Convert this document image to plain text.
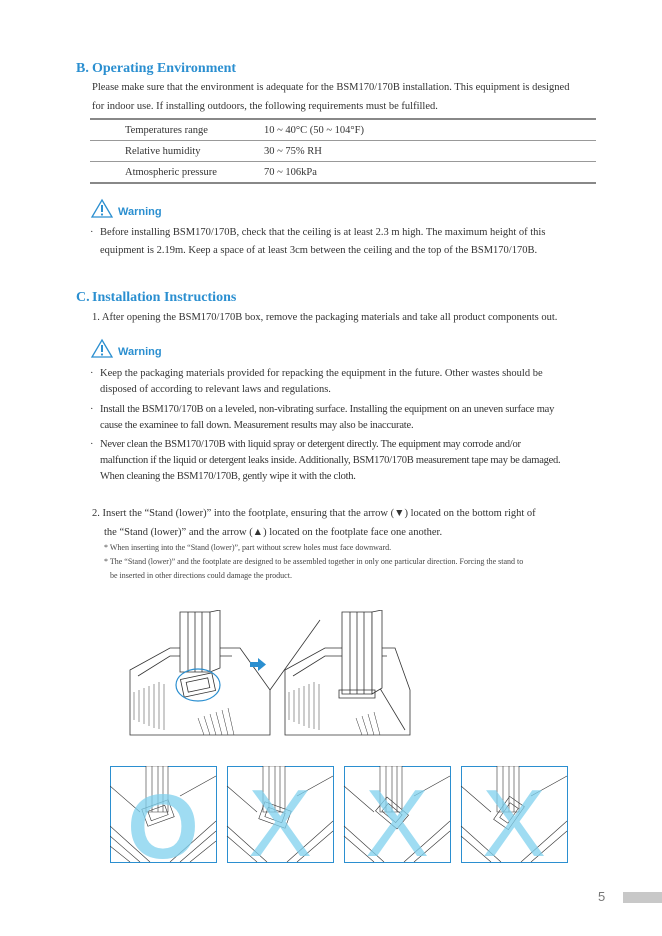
B. Operating Environment
Please make sure that the environment is adequate for the BSM170/170B installation. This equipment is designed
for indoor use. If installing outdoors, the following requirements must be fulfilled.
Temperatures range	10 ~ 40°C (50 ~ 104°F)
Relative humidity	30 ~ 75% RH
Atmospheric pressure	70 ~ 106kPa
Warning
· Before installing BSM170/170B, check that the ceiling is at least 2.3 m high. The maximum height of this
equipment is 2.19m. Keep a space of at least 3cm between the ceiling and the top of the BSM170/170B.
C. Installation Instructions
1. After opening the BSM170/170B box, remove the packaging materials and take all product components out.
Warning
· Keep the packaging materials provided for repacking the equipment in the future. Other wastes should be
disposed of according to relevant laws and regulations.
· Install the BSM170/170B on a leveled, non-vibrating surface. Installing the equipment on an uneven surface may
cause the examinee to fall down. Measurement results may also be inaccurate.
· Never clean the BSM170/170B with liquid spray or detergent directly. The equipment may corrode and/or
malfunction if the liquid or detergent leaks inside. Additionally, BSM170/170B measurement tape may be damaged.
When cleaning the BSM170/170B, gently wipe it with the cloth.
2. Insert the “Stand (lower)” into the footplate, ensuring that the arrow (▼) located on the bottom right of
the “Stand (lower)” and the arrow (▲) located on the footplate face one another.
* When inserting into the “Stand (lower)”, part without screw holes must face downward.
* The “Stand (lower)” and the footplate are designed to be assembled together in only one particular direction. Forcing the stand to
be inserted in other directions could damage the product.
O X X X
5
